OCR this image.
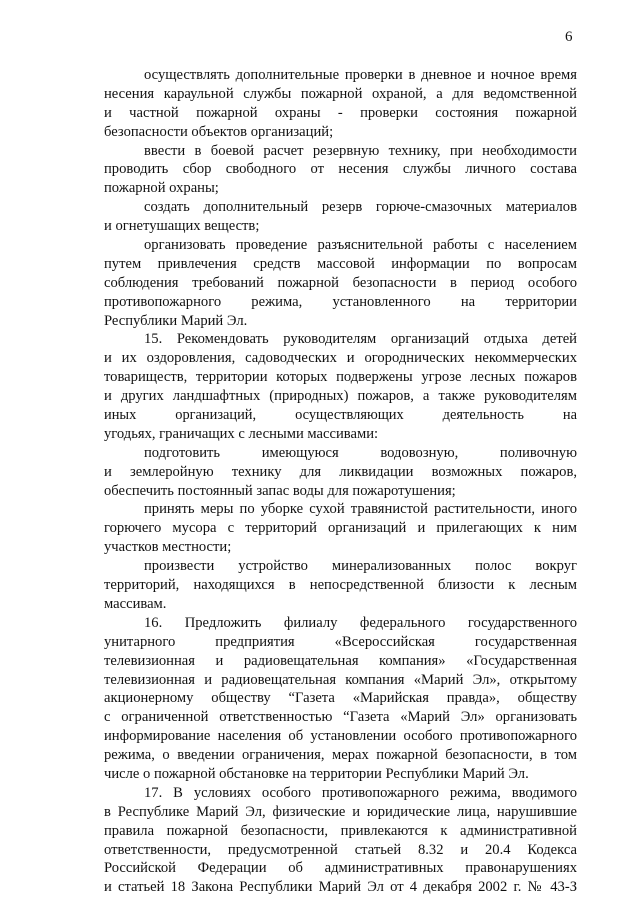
6
осуществлять дополнительные проверки в дневное и ночное время
несения караульной службы пожарной охраной, а для ведомственной
и частной пожарной охраны - проверки состояния пожарной
безопасности объектов организаций;
ввести в боевой расчет резервную технику, при необходимости
проводить сбор свободного от несения службы личного состава
пожарной охраны;
создать дополнительный резерв горюче-смазочных материалов
и огнетушащих веществ;
организовать проведение разъяснительной работы с населением
путем привлечения средств массовой информации по вопросам
соблюдения требований пожарной безопасности в период особого
противопожарного режима, установленного на территории
Республики Марий Эл.
15. Рекомендовать руководителям организаций отдыха детей
и их оздоровления, садоводческих и огороднических некоммерческих
товариществ, территории которых подвержены угрозе лесных пожаров
и других ландшафтных (природных) пожаров, а также руководителям
иных организаций, осуществляющих деятельность на
угодьях, граничащих с лесными массивами:
подготовить имеющуюся водовозную, поливочную
и землеройную технику для ликвидации возможных пожаров,
обеспечить постоянный запас воды для пожаротушения;
принять меры по уборке сухой травянистой растительности, иного
горючего мусора с территорий организаций и прилегающих к ним
участков местности;
произвести устройство минерализованных полос вокруг
территорий, находящихся в непосредственной близости к лесным
массивам.
16. Предложить филиалу федерального государственного
унитарного предприятия «Всероссийская государственная
телевизионная и радиовещательная компания» «Государственная
телевизионная и радиовещательная компания «Марий Эл», открытому
акционерному обществу “Газета «Марийская правда», обществу
с ограниченной ответственностью “Газета «Марий Эл» организовать
информирование населения об установлении особого противопожарного
режима, о введении ограничения, мерах пожарной безопасности, в том
числе о пожарной обстановке на территории Республики Марий Эл.
17. В условиях особого противопожарного режима, вводимого
в Республике Марий Эл, физические и юридические лица, нарушившие
правила пожарной безопасности, привлекаются к административной
ответственности, предусмотренной статьей 8.32 и 20.4 Кодекса
Российской Федерации об административных правонарушениях
и статьей 18 Закона Республики Марий Эл от 4 декабря 2002 г. № 43-З
